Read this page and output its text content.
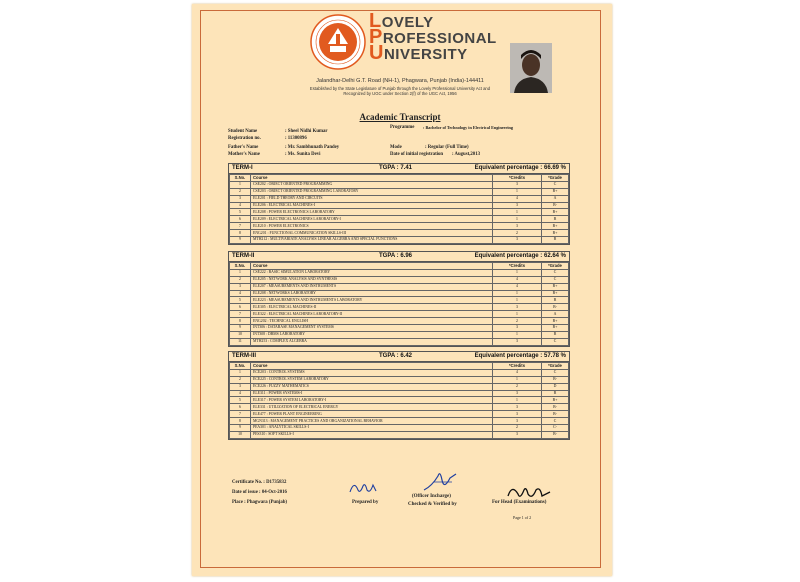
LOVELY
PROFESSIONAL
UNIVERSITY
Jalandhar-Delhi G.T. Road (NH-1), Phagwara, Punjab (India)-144411
Established by the State Legislature of Punjab through the Lovely Professional University Act and Recognized by UGC under Section 2(f) of the UGC Act, 1956
Academic Transcript
Student Name	: Sheel Nidhi Kumar
Registration no.	: 11300896
Programme : Bachelor of Technology in Electrical Engineering
Father's Name	: Mr. Sambhunath Pandey
Mother's Name	: Ms. Sunita Devi
Mode	: Regular (Full Time)
Date of initial registration : August,2013
TERM-I	TGPA : 7.41	Equivalent percentage : 66.69 %
S.No.	Course	*Credits	*Grade
1	CSE202 : OBJECT ORIENTED PROGRAMMING	3	C
2	CSE203 : OBJECT ORIENTED PROGRAMMING LABORATORY	1	B+
3	ELE201 : FIELD THEORY AND CIRCUITS	4	A
4	ELE206 : ELECTRICAL MACHINES-I	3	B-
5	ELE208 : POWER ELECTRONICS LABORATORY	1	B+
6	ELE209 : ELECTRICAL MACHINES LABORATORY-I	1	B
7	ELE210 : POWER ELECTRONICS	3	B+
8	ENG201 : FUNCTIONAL COMMUNICATION SKILLS-III	2	B+
9	MTH212 : MULTIVARIATE ANALYSIS LINEAR ALGEBRA AND SPECIAL FUNCTIONS	3	B
TERM-II	TGPA : 6.96	Equivalent percentage : 62.64 %
S.No.	Course	*Credits	*Grade
1	CSE222 : BASIC SIMULATION LABORATORY	1	C
2	ELE205 : NETWORK ANALYSIS AND SYNTHESIS	4	C
3	ELE207 : MEASUREMENTS AND INSTRUMENTS	4	B+
4	ELE208 : NETWORKS LABORATORY	1	B+
5	ELE223 : MEASUREMENTS AND INSTRUMENTS LABORATORY	1	B
6	ELE305 : ELECTRICAL MACHINES-II	3	B-
7	ELE322 : ELECTRICAL MACHINES LABORATORY-II	1	A
8	ENG202 : TECHNICAL ENGLISH	2	B+
9	INT306 : DATABASE MANAGEMENT SYSTEMS	3	B+
10	INT308 : DBMS LABORATORY	1	B
11	MTH253 : COMPLEX ALGEBRA	3	C
TERM-III	TGPA : 6.42	Equivalent percentage : 57.78 %
S.No.	Course	*Credits	*Grade
1	ECE203 : CONTROL SYSTEMS	4	C
2	ECE225 : CONTROL SYSTEM LABORATORY	1	B-
3	ECE226 : FUZZY MATHEMATICS	2	D
4	ELE311 : POWER SYSTEMS-I	3	B
5	ELE317 : POWER SYSTEM LABORATORY-I	1	B+
6	ELE331 : UTILIZATION OF ELECTRICAL ENERGY	3	B-
7	ELE477 : POWER PLANT ENGINEERING	3	B-
8	MGN313 : MANAGEMENT PRACTICES AND ORGANIZATIONAL BEHAVIOR	3	C
9	PEA301 : ANALYTICAL SKILLS-I	2	C-
10	PES310 : SOFT SKILLS-I	3	B-
Certificate No. : D1735832
Date of issue : 04-Oct-2016
Place : Phagwara (Punjab)	Prepared by
(Officer Incharge)
Checked & Verified by	For Head (Examinations)
Page 1 of 2
